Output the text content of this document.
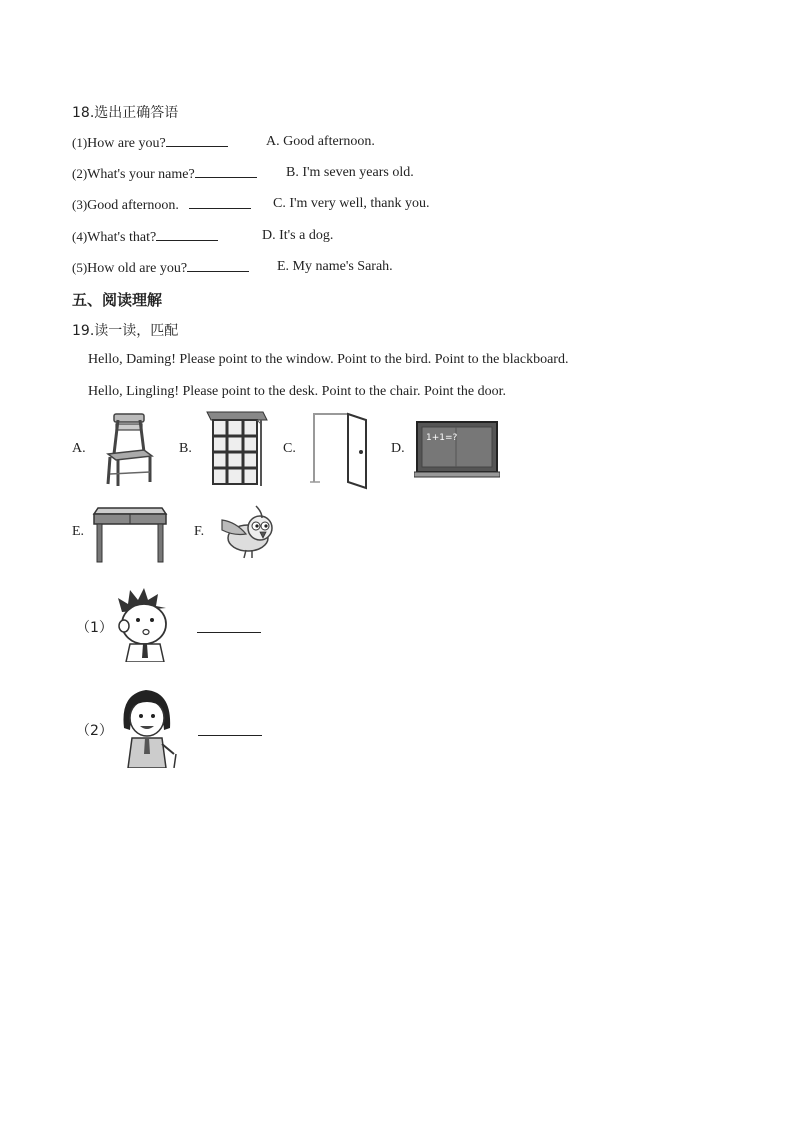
18.选出正确答语
(1)How are you?	A. Good afternoon.
(2)What's your name?	B. I'm seven years old.
(3)Good afternoon.	C. I'm very well, thank you.
(4)What's that?	D. It's a dog.
(5)How old are you?	E. My name's Sarah.
五、阅读理解
19.读一读，匹配
Hello, Daming! Please point to the window. Point to the bird. Point to the blackboard.
Hello, Lingling! Please point to the desk. Point to the chair. Point the door.
A.	B.	C.	D.
1+1=?
E.	F.
（1）
（2）
